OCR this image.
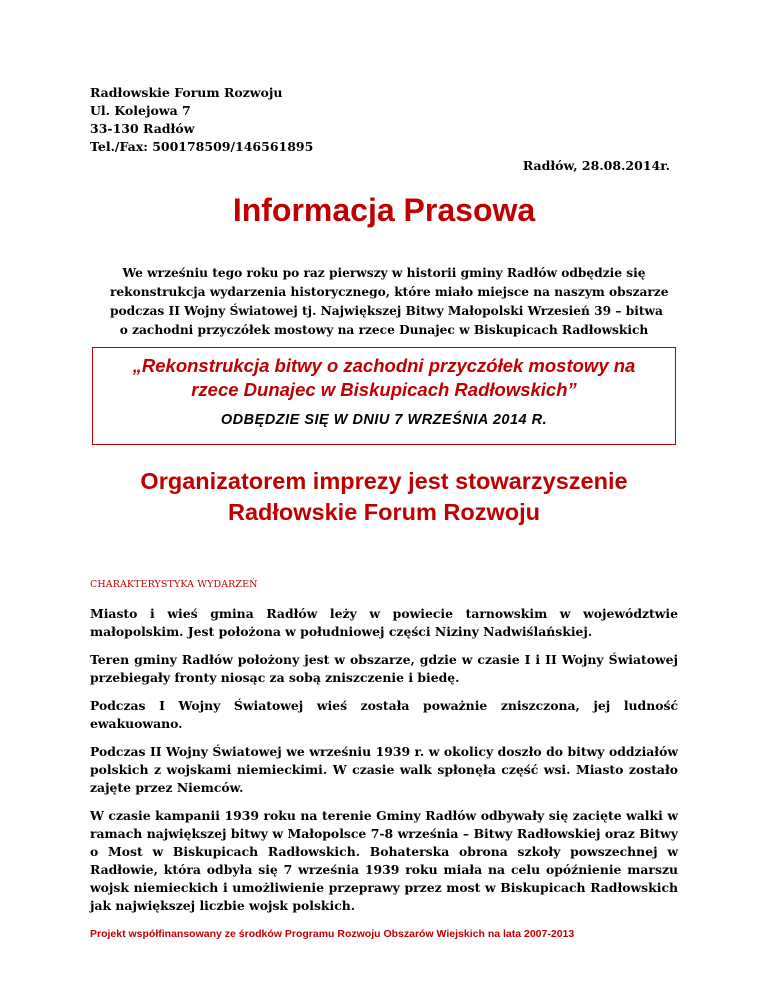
Radłowskie Forum Rozwoju
Ul. Kolejowa 7
33-130 Radłów
Tel./Fax: 500178509/146561895
Radłów, 28.08.2014r.
Informacja Prasowa
We wrześniu tego roku po raz pierwszy w historii gminy Radłów odbędzie się
rekonstrukcja wydarzenia historycznego, które miało miejsce na naszym obszarze
podczas II Wojny Światowej tj. Największej Bitwy Małopolski Wrzesień 39 – bitwa
o zachodni przyczółek mostowy na rzece Dunajec w Biskupicach Radłowskich
„Rekonstrukcja bitwy o zachodni przyczółek mostowy na
rzece Dunajec w Biskupicach Radłowskich”
ODBĘDZIE SIĘ W DNIU 7 WRZEŚNIA 2014 R.
Organizatorem imprezy jest stowarzyszenie
Radłowskie Forum Rozwoju
CHARAKTERYSTYKA WYDARZEŃ

Miasto i wieś gmina Radłów leży w powiecie tarnowskim w województwie małopolskim. Jest położona w południowej części Niziny Nadwiślańskiej.

Teren gminy Radłów położony jest w obszarze, gdzie w czasie I i II Wojny Światowej przebiegały fronty niosąc za sobą zniszczenie i biedę.

Podczas I Wojny Światowej wieś została poważnie zniszczona, jej ludność ewakuowano.

Podczas II Wojny Światowej we wrześniu 1939 r. w okolicy doszło do bitwy oddziałów polskich z wojskami niemieckimi. W czasie walk spłonęła część wsi. Miasto zostało zajęte przez Niemców.

W czasie kampanii 1939 roku na terenie Gminy Radłów odbywały się zacięte walki w ramach największej bitwy w Małopolsce 7-8 września – Bitwy Radłowskiej oraz Bitwy o Most w Biskupicach Radłowskich. Bohaterska obrona szkoły powszechnej w Radłowie, która odbyła się 7 września 1939 roku miała na celu opóźnienie marszu wojsk niemieckich i umożliwienie przeprawy przez most w Biskupicach Radłowskich jak największej liczbie wojsk polskich.

Projekt współfinansowany ze środków Programu Rozwoju Obszarów Wiejskich na lata 2007-2013
